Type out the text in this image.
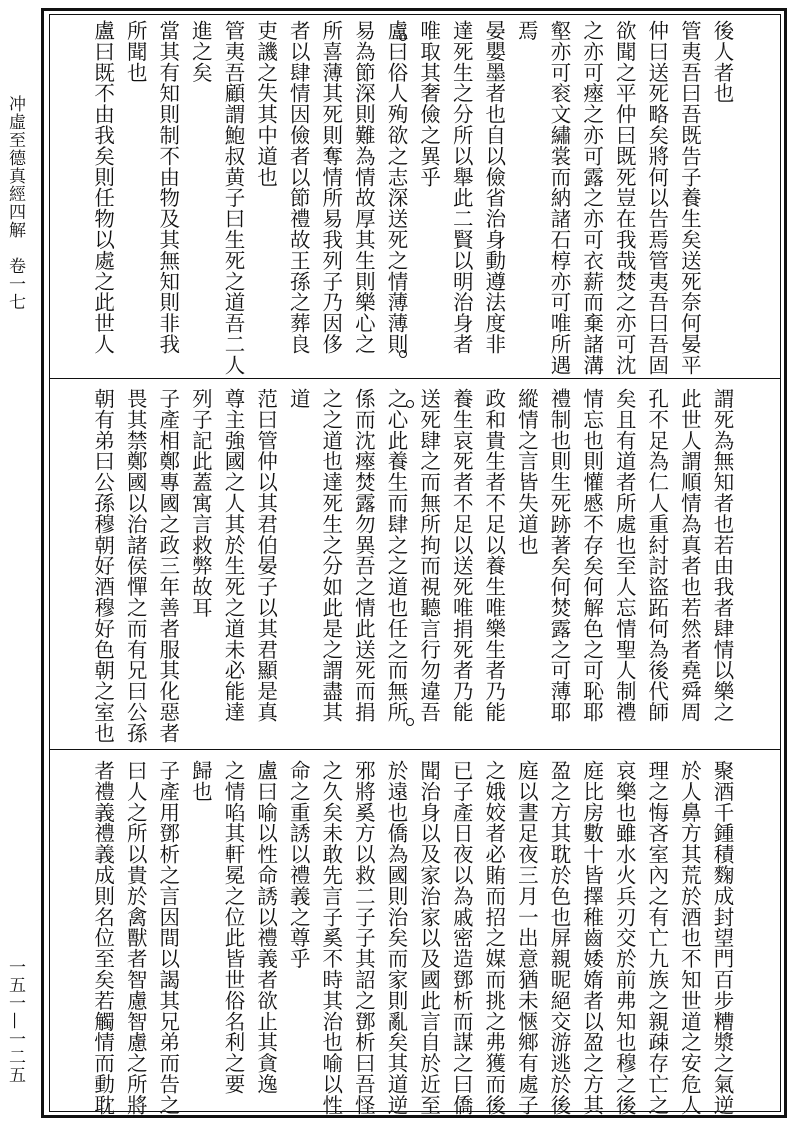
冲虛至德真經四解　卷一七
一五一—一二五
後人者也
管夷吾曰吾既告子養生矣送死奈何晏平
仲曰送死略矣將何以告焉管夷吾曰吾固
欲聞之平仲曰既死豈在我哉焚之亦可沈
之亦可瘞之亦可露之亦可衣薪而棄諸溝
壑亦可衮文繡裳而納諸石椁亦可唯所遇
焉
晏嬰墨者也自以儉省治身動遵法度非
達死生之分所以舉此二賢以明治身者
唯取其奢儉之異乎
盧曰俗人殉欲之志深送死之情薄薄則
易為節深則難為情故厚其生則樂心之
所喜薄其死則奪情所易我列子乃因侈
者以肆情因儉者以節禮故王孫之葬良
吏譏之失其中道也
管夷吾顧謂鮑叔黄子曰生死之道吾二人
進之矣
當其有知則制不由物及其無知則非我
所聞也
盧曰既不由我矣則任物以處之此世人
謂死為無知者也若由我者肆情以樂之
此世人謂順情為真者也若然者堯舜周
孔不足為仁人重紂討盜跖何為後代師
矣且有道者所處也至人忘情聖人制禮
情忘也則懽慼不存矣何解色之可恥耶
禮制也則生死跡著矣何焚露之可薄耶
縱情之言皆失道也
政和貴生者不足以養生唯樂生者乃能
養生哀死者不足以送死唯捐死者乃能
送死肆之而無所拘而視聽言行勿違吾
之心此養生而肆之之道也任之而無所
係而沈瘞焚露勿異吾之情此送死而捐
之之道也達死生之分如此是之謂盡其
道
范曰管仲以其君伯晏子以其君顯是真
尊主強國之人其於生死之道未必能達
列子記此蓋寓言救弊故耳
子產相鄭專國之政三年善者服其化惡者
畏其禁鄭國以治諸侯憚之而有兄曰公孫
朝有弟曰公孫穆朝好酒穆好色朝之室也
聚酒千鍾積麴成封望門百步糟漿之氣逆
於人鼻方其荒於酒也不知世道之安危人
理之悔吝室內之有亡九族之親疎存亡之
哀樂也雖水火兵刃交於前弗知也穆之後
庭比房數十皆擇稚齒婑媠者以盈之方其
盈之方其耽於色也屏親昵絕交游逃於後
庭以晝足夜三月一出意猶未愜鄉有處子
之娥姣者必賄而招之媒而挑之弗獲而後
已子產日夜以為戚密造鄧析而謀之曰僑
聞治身以及家治家以及國此言自於近至
於遠也僑為國則治矣而家則亂矣其道逆
邪將奚方以救二子子其詔之鄧析曰吾怪
之久矣未敢先言子奚不時其治也喻以性
命之重誘以禮義之尊乎
盧曰喻以性命誘以禮義者欲止其貪逸
之情啗其軒冕之位此皆世俗名利之要
歸也
子產用鄧析之言因間以謁其兄弟而告之
曰人之所以貴於禽獸者智慮智慮之所將
者禮義禮義成則名位至矣若觸情而動耽
